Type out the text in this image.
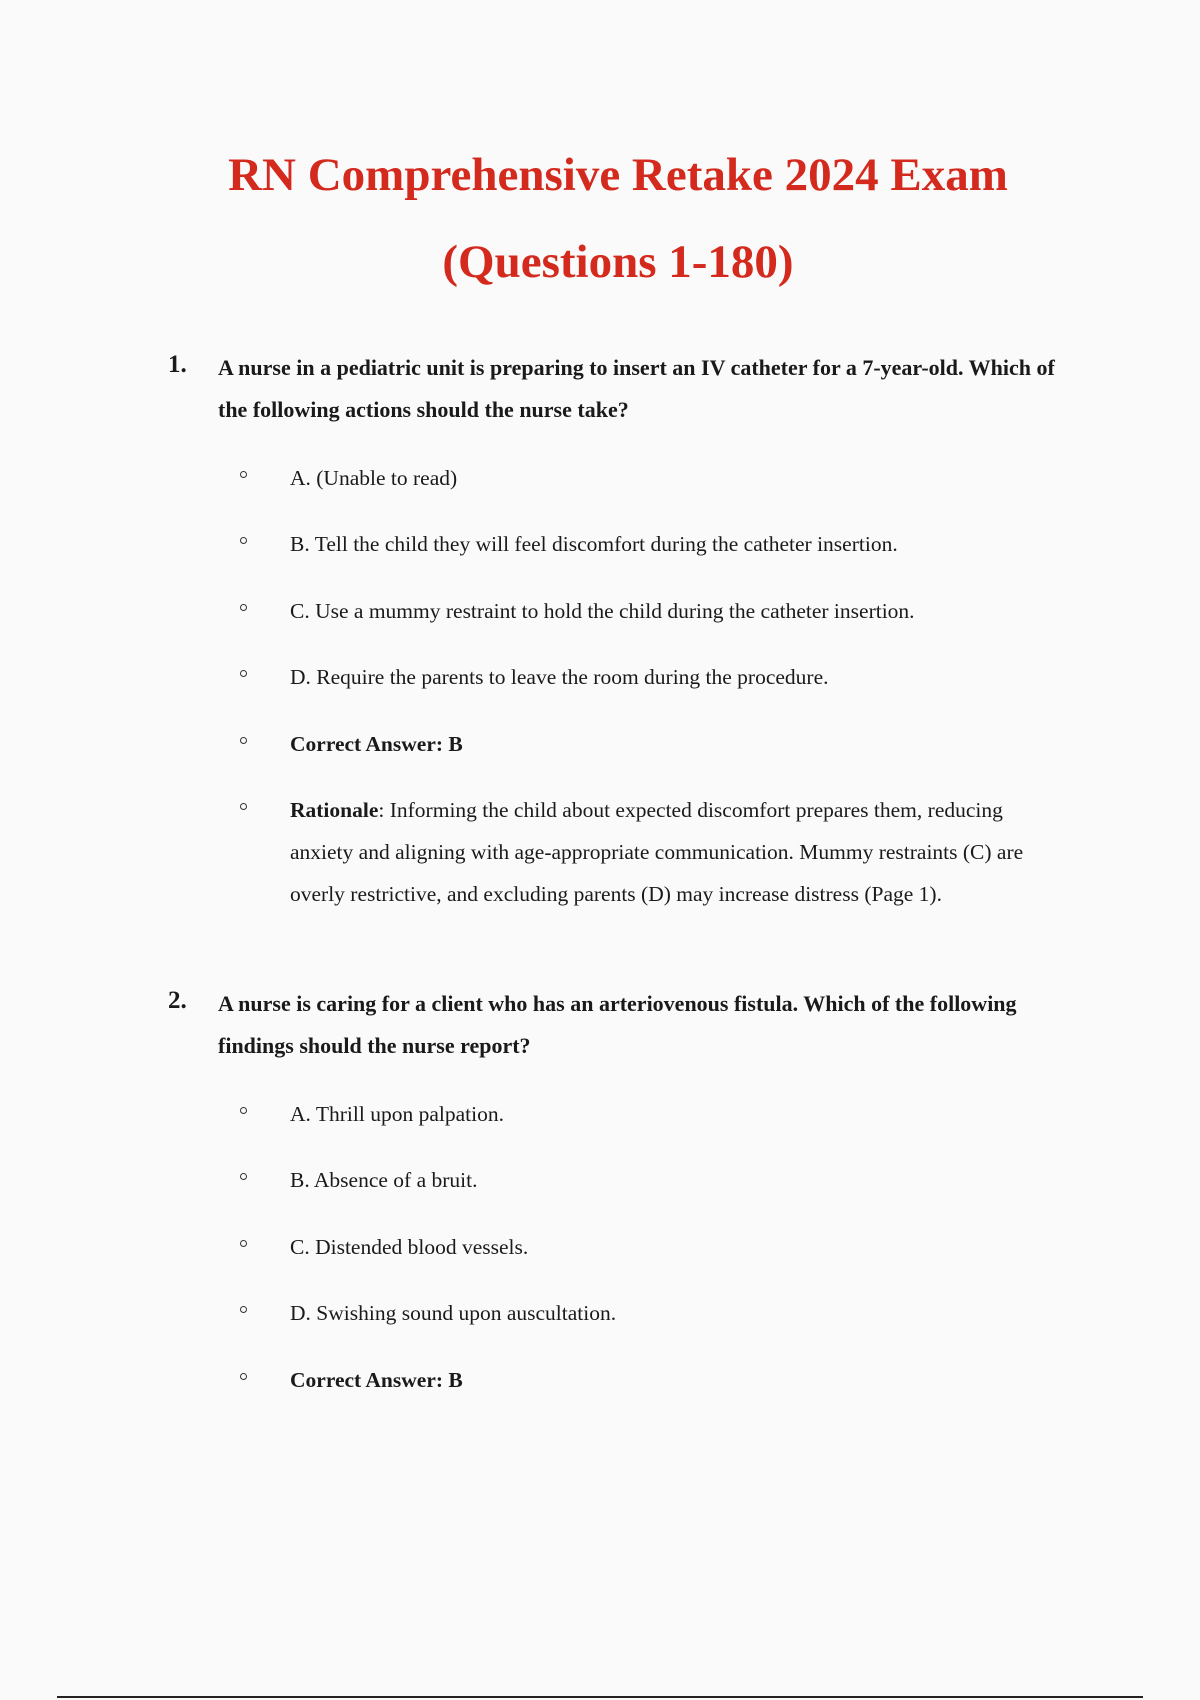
RN Comprehensive Retake 2024 Exam
(Questions 1-180)
1. A nurse in a pediatric unit is preparing to insert an IV catheter for a 7-year-old. Which of the following actions should the nurse take?

A. (Unable to read)

B. Tell the child they will feel discomfort during the catheter insertion.

C. Use a mummy restraint to hold the child during the catheter insertion.

D. Require the parents to leave the room during the procedure.

Correct Answer: B

Rationale: Informing the child about expected discomfort prepares them, reducing anxiety and aligning with age-appropriate communication. Mummy restraints (C) are overly restrictive, and excluding parents (D) may increase distress (Page 1).

2. A nurse is caring for a client who has an arteriovenous fistula. Which of the following findings should the nurse report?

A. Thrill upon palpation.

B. Absence of a bruit.

C. Distended blood vessels.

D. Swishing sound upon auscultation.

Correct Answer: B
